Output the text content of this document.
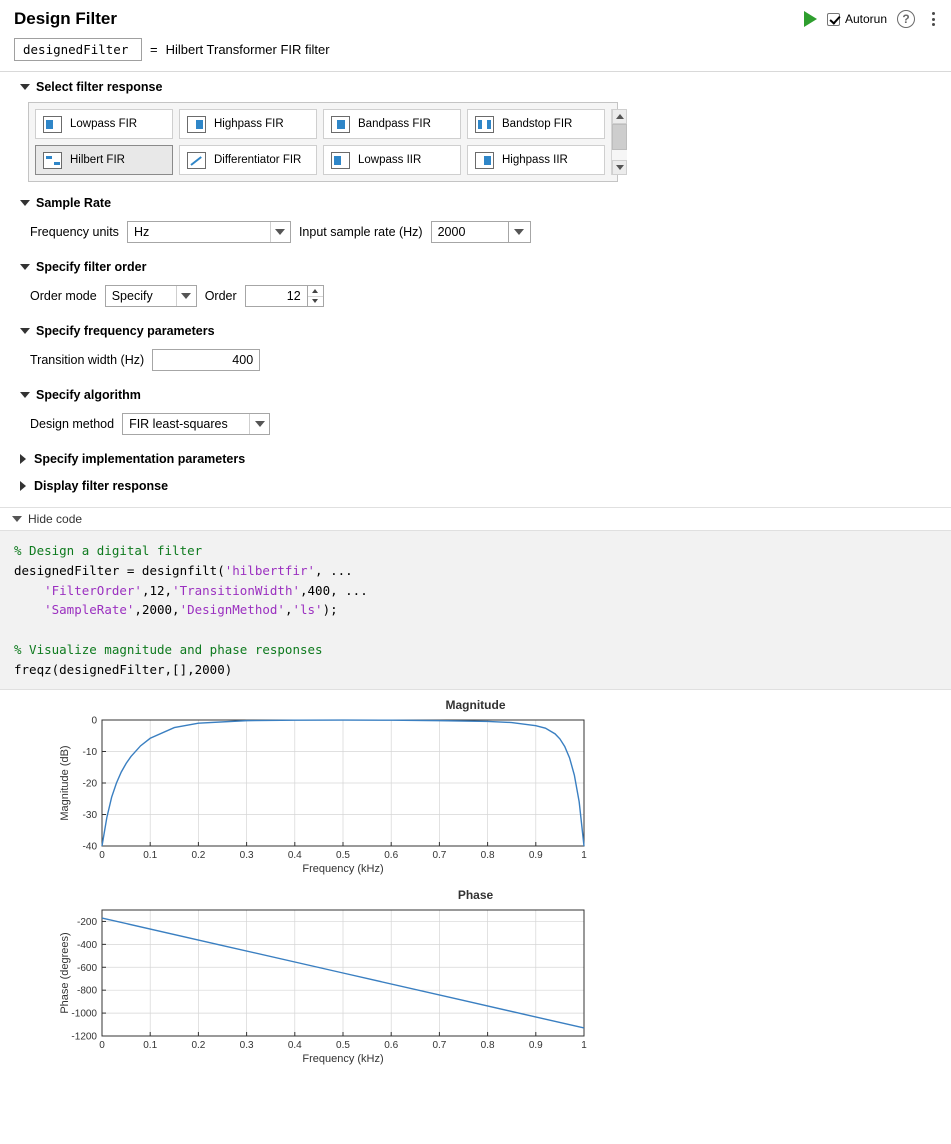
Design Filter	Autorun	?
designedFilter	= Hilbert Transformer FIR filter
Select filter response
Lowpass FIR	Highpass FIR	Bandpass FIR	Bandstop FIR
Hilbert FIR	Differentiator FIR	Lowpass IIR	Highpass IIR
Sample Rate
Frequency units Hz	Input sample rate (Hz)	2000
Specify filter order
Order mode Specify	Order	12
Specify frequency parameters
Transition width (Hz)	400
Specify algorithm
Design method FIR least-squares
Specify implementation parameters
Display filter response
Hide code
% Design a digital filter
designedFilter = designfilt('hilbertfir', ...
'FilterOrder',12,'TransitionWidth',400, ...
'SampleRate',2000,'DesignMethod','ls');

% Visualize magnitude and phase responses
freqz(designedFilter,[],2000)
Magnitude
0	0.1	0.2	0.3	0.4	0.5	0.6	0.7	0.8	0.9	1
-40
-30
-20
-10
0
Frequency (kHz)
Magnitude (dB)
Phase
0	0.1	0.2	0.3	0.4	0.5	0.6	0.7	0.8	0.9	1
-1200
-1000
-800
-600
-400
-200
Frequency (kHz)
Phase (degrees)
